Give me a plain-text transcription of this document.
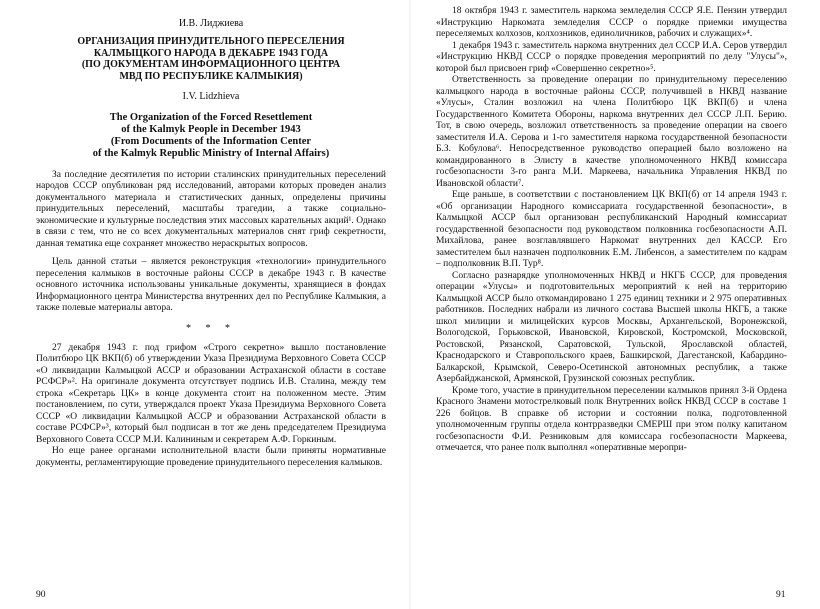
И.В. Лиджиева
ОРГАНИЗАЦИЯ ПРИНУДИТЕЛЬНОГО ПЕРЕСЕЛЕНИЯ
КАЛМЫЦКОГО НАРОДА В ДЕКАБРЕ 1943 ГОДА
(ПО ДОКУМЕНТАМ ИНФОРМАЦИОННОГО ЦЕНТРА
МВД ПО РЕСПУБЛИКЕ КАЛМЫКИЯ)
I.V. Lidzhieva
The Organization of the Forced Resettlement
of the Kalmyk People in December 1943
(From Documents of the Information Center
of the Kalmyk Republic Ministry of Internal Affairs)

За последние десятилетия по истории сталинских принудительных переселений народов СССР опубликован ряд исследований, авторами которых проведен анализ документального материала и статистических данных, определены причины принудительных переселений, масштабы трагедии, а также социально-экономические и культурные последствия этих массовых карательных акций¹. Однако в связи с тем, что не со всех документальных материалов снят гриф секретности, данная тематика еще сохраняет множество нераскрытых вопросов.

Цель данной статьи – является реконструкция «технологии» принудительного переселения калмыков в восточные районы СССР в декабре 1943 г. В качестве основного источника использованы уникальные документы, хранящиеся в фондах Информационного центра Министерства внутренних дел по Республике Калмыкия, а также полевые материалы автора.

* * *

27 декабря 1943 г. под грифом «Строго секретно» вышло постановление Политбюро ЦК ВКП(б) об утверждении Указа Президиума Верховного Совета СССР «О ликвидации Калмыцкой АССР и образовании Астраханской области в составе РСФСР»². На оригинале документа отсутствует подпись И.В. Сталина, между тем строка «Секретарь ЦК» в конце документа стоит на положенном месте. Этим постановлением, по сути, утверждался проект Указа Президиума Верховного Совета СССР «О ликвидации Калмыцкой АССР и образовании Астраханской области в составе РСФСР»³, который был подписан в тот же день председателем Президиума Верховного Совета СССР М.И. Калининым и секретарем А.Ф. Горкиным.

Но еще ранее органами исполнительной власти были приняты нормативные документы, регламентирующие проведение принудительного переселения калмыков.

90

18 октября 1943 г. заместитель наркома земледелия СССР Я.Е. Пензин утвердил «Инструкцию Наркомата земледелия СССР о порядке приемки имущества переселяемых колхозов, колхозников, единоличников, рабочих и служащих»⁴.

1 декабря 1943 г. заместитель наркома внутренних дел СССР И.А. Серов утвердил «Инструкцию НКВД СССР о порядке проведения мероприятий по делу "Улусы"», которой был присвоен гриф «Совершенно секретно»⁵.

Ответственность за проведение операции по принудительному переселению калмыцкого народа в восточные районы СССР, получившей в НКВД название «Улусы», Сталин возложил на члена Политбюро ЦК ВКП(б) и члена Государственного Комитета Обороны, наркома внутренних дел СССР Л.П. Берию. Тот, в свою очередь, возложил ответственность за проведение операции на своего заместителя И.А. Серова и 1-го заместителя наркома государственной безопасности Б.З. Кобулова⁶. Непосредственное руководство операцией было возложено на командированного в Элисту в качестве уполномоченного НКВД комиссара госбезопасности 3-го ранга М.И. Маркеева, начальника Управления НКВД по Ивановской области⁷.

Еще раньше, в соответствии с постановлением ЦК ВКП(б) от 14 апреля 1943 г. «Об организации Народного комиссариата государственной безопасности», в Калмыцкой АССР был организован республиканский Народный комиссариат государственной безопасности под руководством полковника госбезопасности А.П. Михайлова, ранее возглавлявшего Наркомат внутренних дел КАССР. Его заместителем был назначен подполковник Е.М. Либенсон, а заместителем по кадрам – подполковник В.П. Тур⁸.

Согласно разнарядке уполномоченных НКВД и НКГБ СССР, для проведения операции «Улусы» и подготовительных мероприятий к ней на территорию Калмыцкой АССР было откомандировано 1 275 единиц техники и 2 975 оперативных работников. Последних набрали из личного состава Высшей школы НКГБ, а также школ милиции и милицейских курсов Москвы, Архангельской, Воронежской, Вологодской, Горьковской, Ивановской, Кировской, Костромской, Московской, Ростовской, Рязанской, Саратовской, Тульской, Ярославской областей, Краснодарского и Ставропольского краев, Башкирской, Дагестанской, Кабардино-Балкарской, Крымской, Северо-Осетинской автономных республик, а также Азербайджанской, Армянской, Грузинской союзных республик.

Кроме того, участие в принудительном переселении калмыков принял 3-й Ордена Красного Знамени мотострелковый полк Внутренних войск НКВД СССР в составе 1 226 бойцов. В справке об истории и состоянии полка, подготовленной уполномоченным группы отдела контрразведки СМЕРШ при этом полку капитаном госбезопасности Ф.И. Резниковым для комиссара госбезопасности Маркеева, отмечается, что ранее полк выполнял «оперативные меропри-

91
